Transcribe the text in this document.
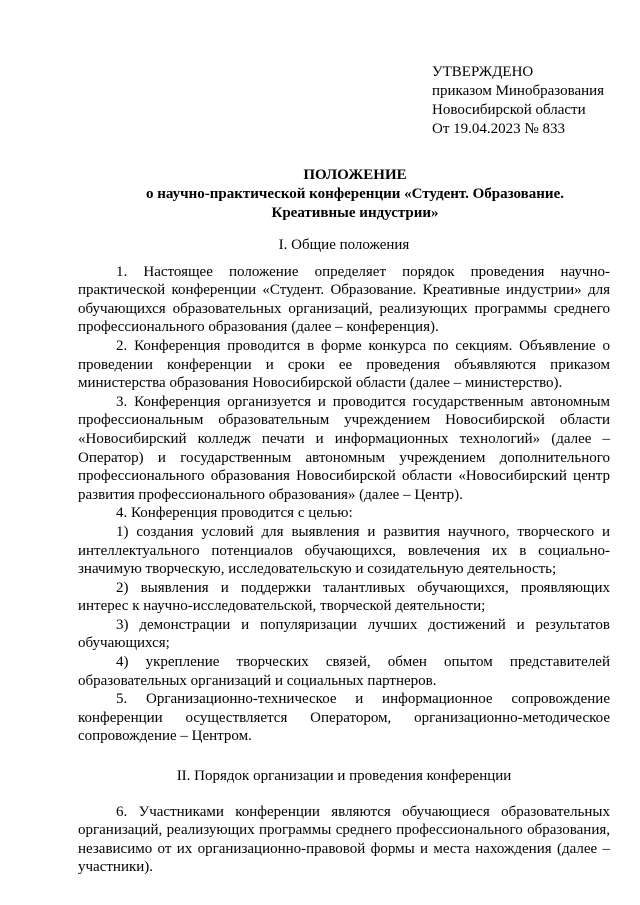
УТВЕРЖДЕНО
приказом Минобразования
Новосибирской области
От 19.04.2023 № 833
ПОЛОЖЕНИЕ
о научно-практической конференции «Студент. Образование.
Креативные индустрии»
I. Общие положения

1. Настоящее положение определяет порядок проведения научно-практической конференции «Студент. Образование. Креативные индустрии» для обучающихся образовательных организаций, реализующих программы среднего профессионального образования (далее – конференция).

2. Конференция проводится в форме конкурса по секциям. Объявление о проведении конференции и сроки ее проведения объявляются приказом министерства образования Новосибирской области (далее – министерство).

3. Конференция организуется и проводится государственным автономным профессиональным образовательным учреждением Новосибирской области «Новосибирский колледж печати и информационных технологий» (далее – Оператор) и государственным автономным учреждением дополнительного профессионального образования Новосибирской области «Новосибирский центр развития профессионального образования» (далее – Центр).

4. Конференция проводится с целью:

1) создания условий для выявления и развития научного, творческого и интеллектуального потенциалов обучающихся, вовлечения их в социально-значимую творческую, исследовательскую и созидательную деятельность;

2) выявления и поддержки талантливых обучающихся, проявляющих интерес к научно-исследовательской, творческой деятельности;

3) демонстрации и популяризации лучших достижений и результатов обучающихся;

4) укрепление творческих связей, обмен опытом представителей образовательных организаций и социальных партнеров.

5. Организационно-техническое и информационное сопровождение конференции осуществляется Оператором, организационно-методическое сопровождение – Центром.

II. Порядок организации и проведения конференции

6. Участниками конференции являются обучающиеся образовательных организаций, реализующих программы среднего профессионального образования, независимо от их организационно-правовой формы и места нахождения (далее – участники).
